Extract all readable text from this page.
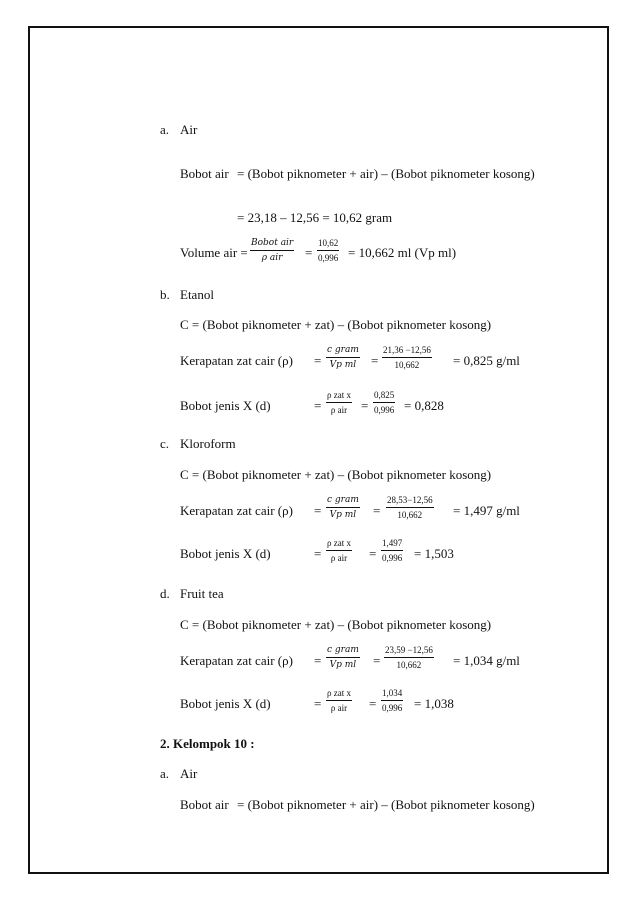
a. Air
Bobot air = (Bobot piknometer + air) – (Bobot piknometer kosong)
= 23,18 – 12,56 = 10,62 gram
Volume air =
Bobot air
ρ air = $\frac{10,62}{0,996} = 10,662$ ml (Vp ml)
b. Etanol
C = (Bobot piknometer + zat) – (Bobot piknometer kosong)
Kerapatan zat cair (ρ) =
c gram
Vp ml = $\frac{21,36 -12,56}{10,662} = 0,825$ g/ml
Bobot jenis X (d)	=
ρ zat x
ρ air = $\frac{0,825}{0,996} = 0,828$
c. Kloroform
C = (Bobot piknometer + zat) – (Bobot piknometer kosong)
Kerapatan zat cair (ρ) =
c gram
Vp ml = $\frac{28,53-12,56}{10,662} = 1,497$ g/ml
Bobot jenis X (d)	=
ρ zat x
ρ air = $\frac{1,497}{0,996} = 1,503$
d. Fruit tea
C = (Bobot piknometer + zat) – (Bobot piknometer kosong)
Kerapatan zat cair (ρ) =
c gram
Vp ml = $\frac{23,59 -12,56}{10,662} = 1,034$ g/ml
Bobot jenis X (d)	=
ρ zat x
ρ air = $\frac{1,034}{0,996} = 1,038$
2. Kelompok 10 :
a. Air
Bobot air = (Bobot piknometer + air) – (Bobot piknometer kosong)
